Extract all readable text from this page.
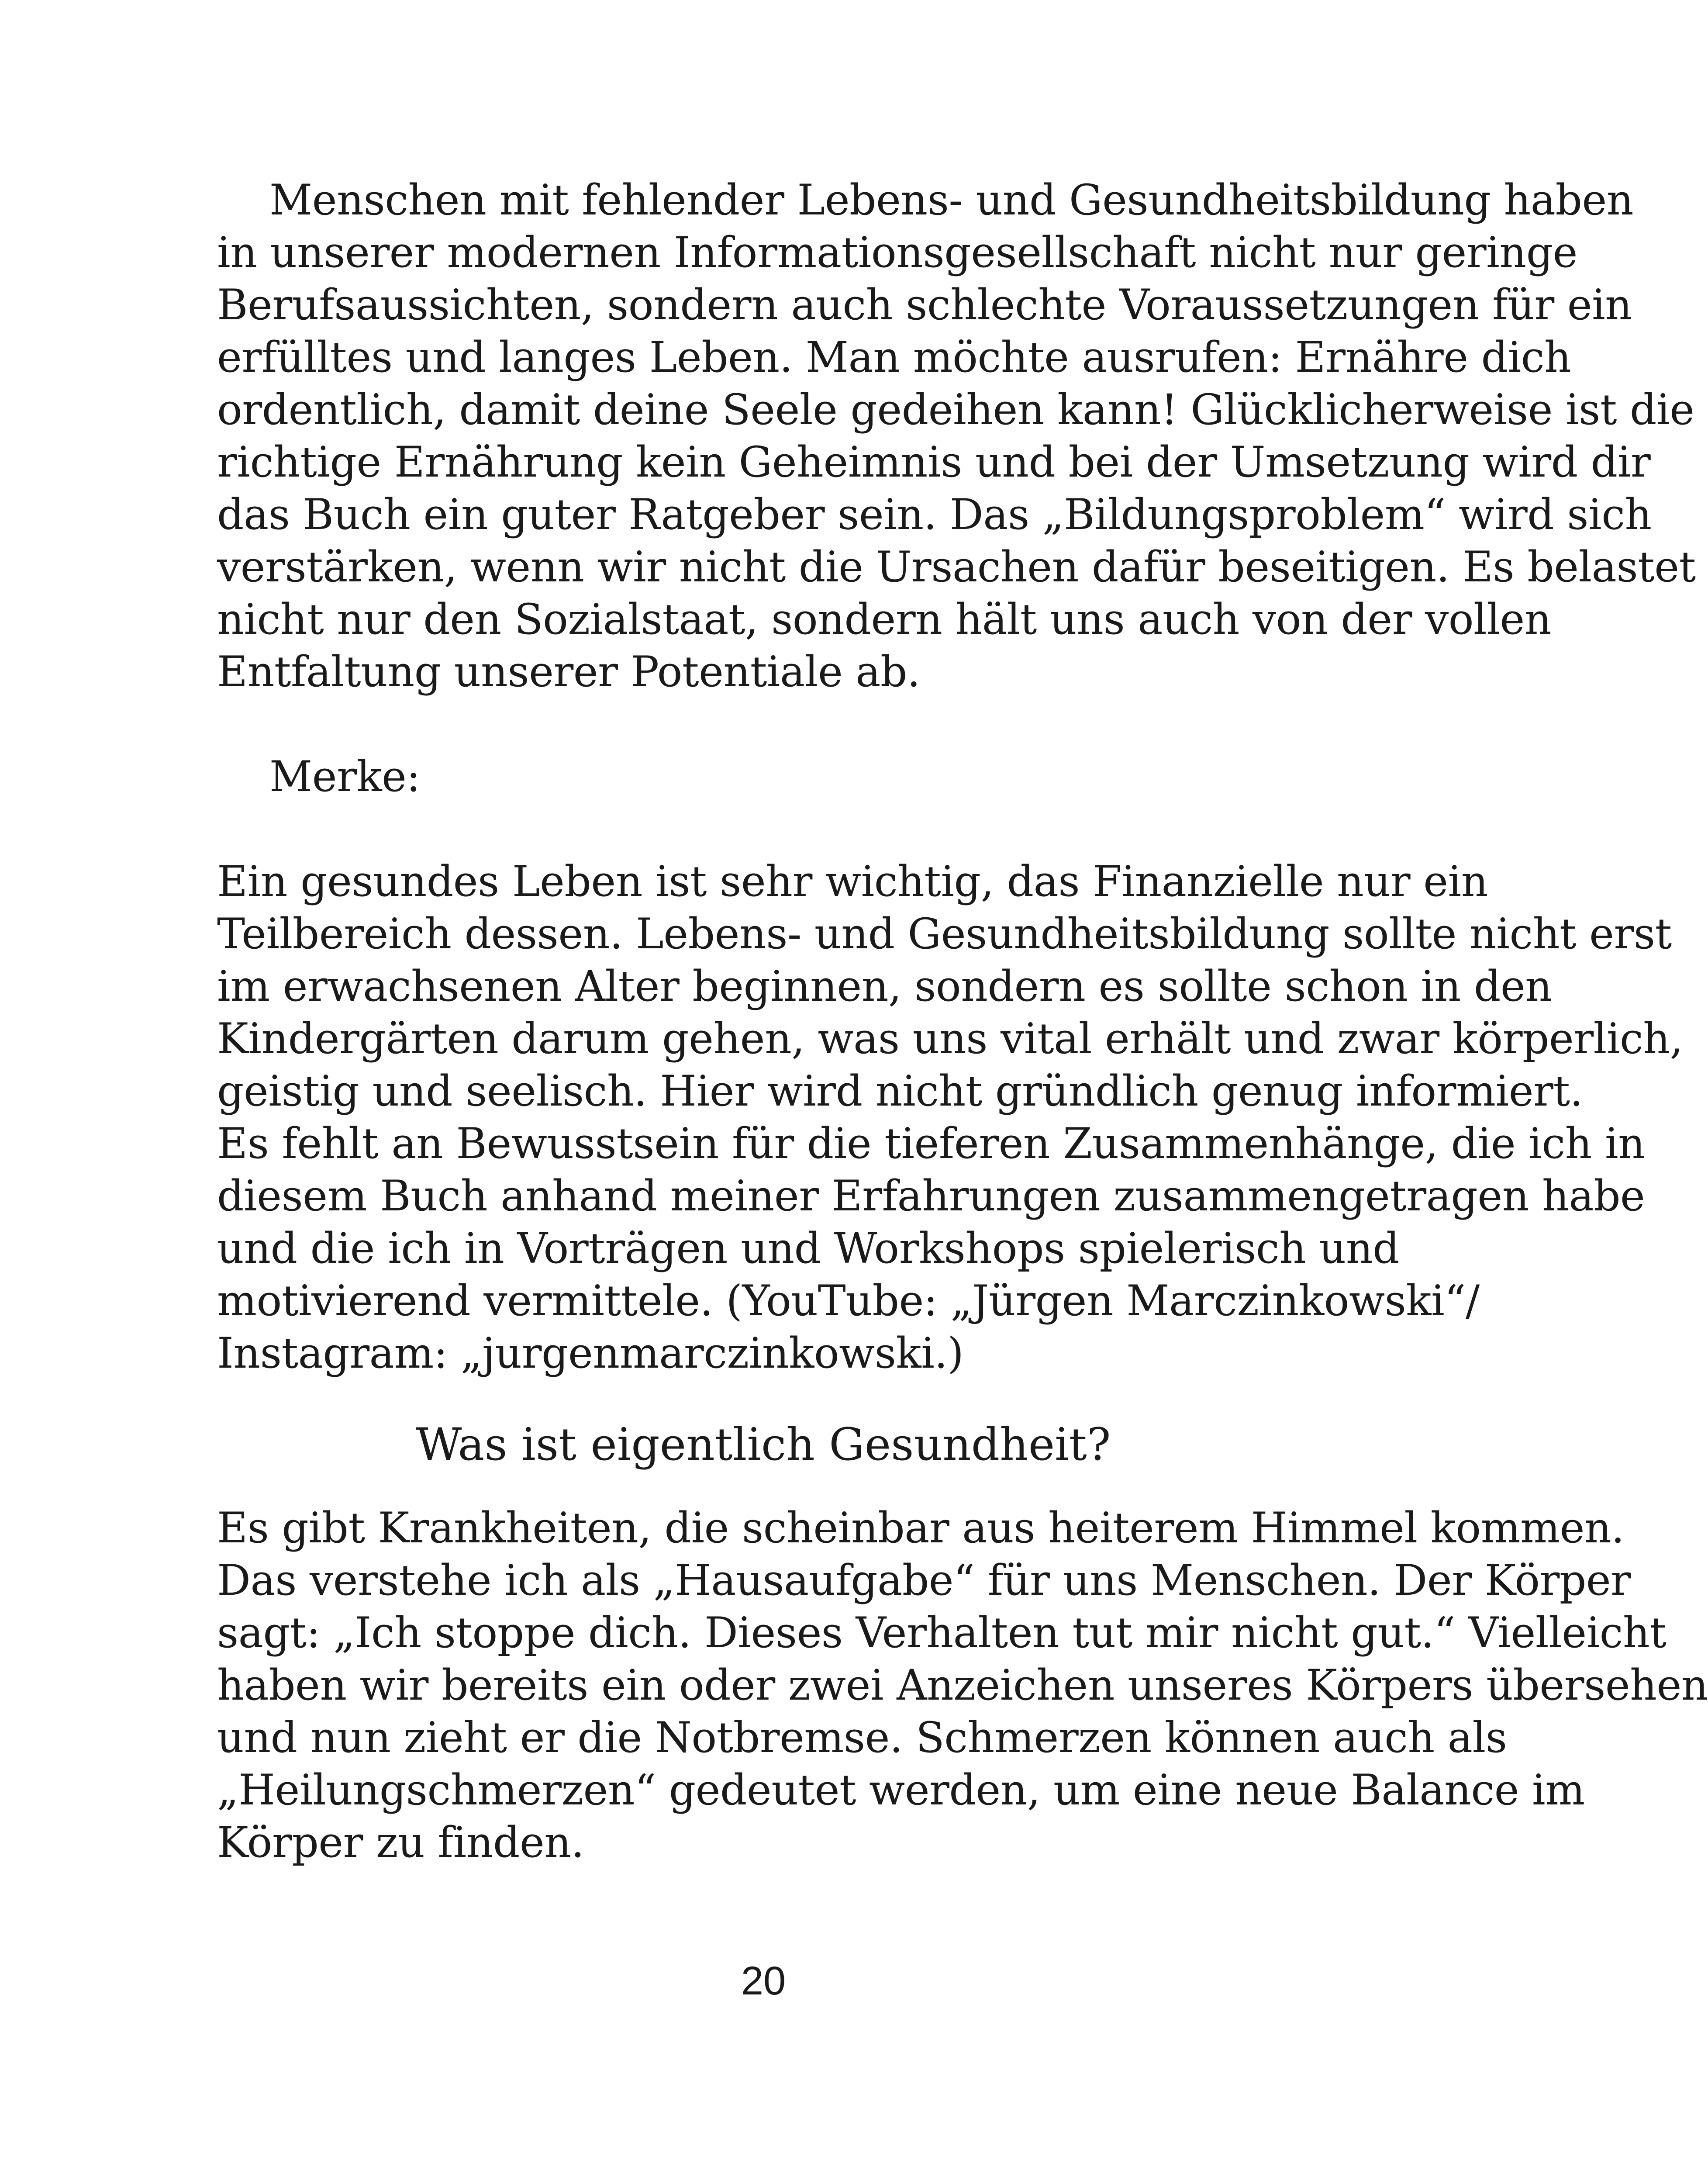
Menschen mit fehlender Lebens- und Gesundheitsbildung haben
in unserer modernen Informationsgesellschaft nicht nur geringe
Berufsaussichten, sondern auch schlechte Voraussetzungen für ein
erfülltes und langes Leben. Man möchte ausrufen: Ernähre dich
ordentlich, damit deine Seele gedeihen kann! Glücklicherweise ist die
richtige Ernährung kein Geheimnis und bei der Umsetzung wird dir
das Buch ein guter Ratgeber sein. Das „Bildungsproblem“ wird sich
verstärken, wenn wir nicht die Ursachen dafür beseitigen. Es belastet
nicht nur den Sozialstaat, sondern hält uns auch von der vollen
Entfaltung unserer Potentiale ab.

Merke:

Ein gesundes Leben ist sehr wichtig, das Finanzielle nur ein
Teilbereich dessen. Lebens- und Gesundheitsbildung sollte nicht erst
im erwachsenen Alter beginnen, sondern es sollte schon in den
Kindergärten darum gehen, was uns vital erhält und zwar körperlich,
geistig und seelisch. Hier wird nicht gründlich genug informiert.
Es fehlt an Bewusstsein für die tieferen Zusammenhänge, die ich in
diesem Buch anhand meiner Erfahrungen zusammengetragen habe
und die ich in Vorträgen und Workshops spielerisch und
motivierend vermittele. (YouTube: „Jürgen Marczinkowski“/
Instagram: „jurgenmarczinkowski.)

Was ist eigentlich Gesundheit?

Es gibt Krankheiten, die scheinbar aus heiterem Himmel kommen.
Das verstehe ich als „Hausaufgabe“ für uns Menschen. Der Körper
sagt: „Ich stoppe dich. Dieses Verhalten tut mir nicht gut.“ Vielleicht
haben wir bereits ein oder zwei Anzeichen unseres Körpers übersehen
und nun zieht er die Notbremse. Schmerzen können auch als
„Heilungschmerzen“ gedeutet werden, um eine neue Balance im
Körper zu finden.

20
